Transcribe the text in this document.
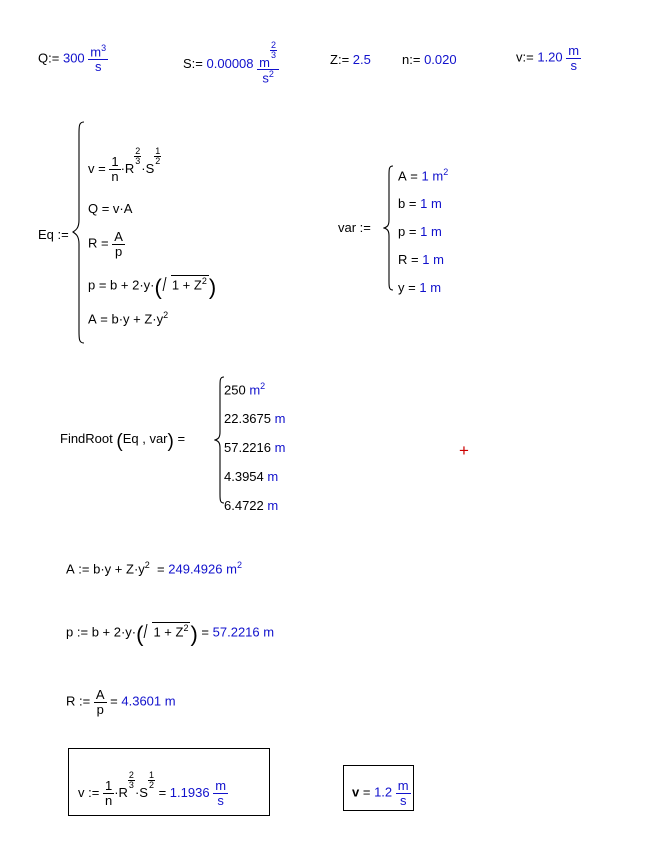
Q:= $300 \frac{m^3}{s}$	S:= 0.00008 m
$\frac{2}{3}$
$s^2$	Z:= 2.5 n:= 0.020	v:= $1.20 \frac{m}{s}$
Eq :=
$v = \frac{1}{n} \cdot R$
$\frac{2}{3}$
·S
$\frac{1}{2}$
Q = v·A
$R = \frac{A}{p}$
p = b + 2·y·( $1 + Z^2$)
$A = b\cdot y + Z\cdot y^2$
var :=
A = 1 $m^2$
b = 1 m
p = 1 m
R = 1 m
y = 1 m
FindRoot (Eq , var) =
250 $m^2$
22.3675 m
57.2216 m
4.3954 m
6.4722 m
+
A := $b\cdot y + Z\cdot y^2 = 249.4926$ $m^2$
p := b + 2·y·( $1 + Z^2) = 57.2216$ m
R := $\frac{A}{p} = 4.3601$ m
v := $\frac{1}{n} \cdot R$
$\frac{2}{3}$
·S
$\frac{1}{2}$
= $1.1936 \frac{m}{s}$	$v = 1.2 \frac{m}{s}$
